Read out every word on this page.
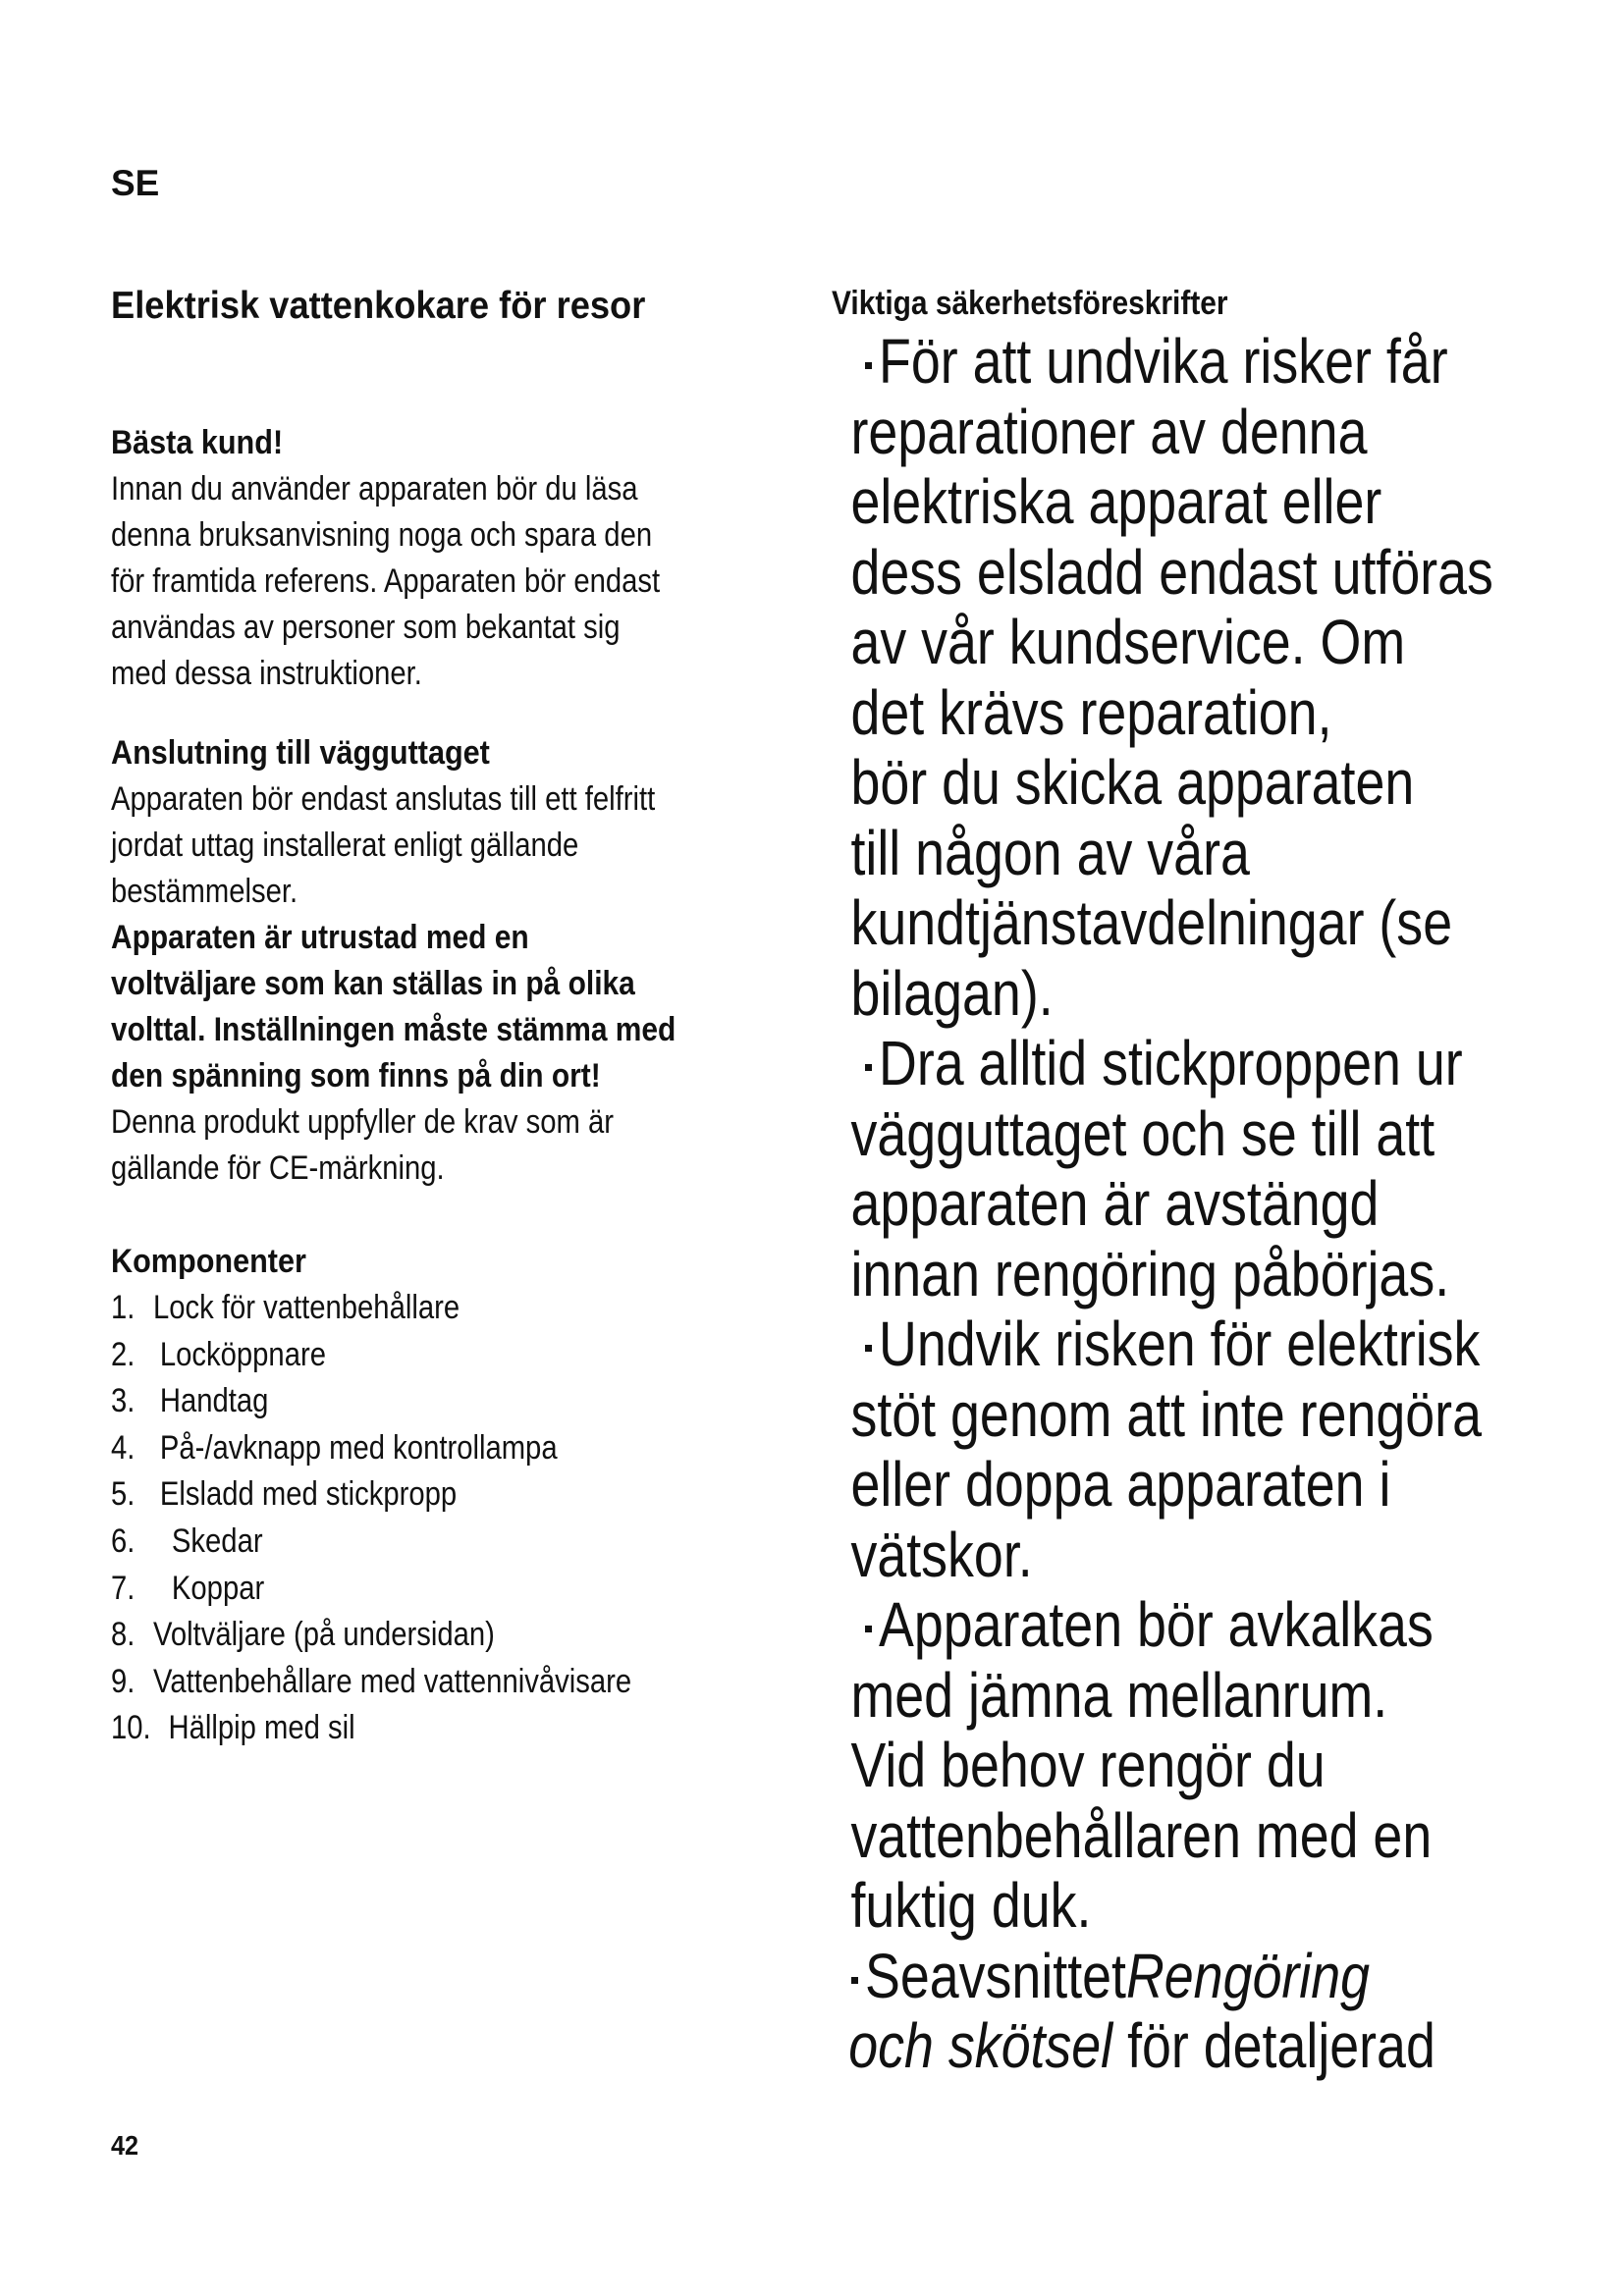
SE
Elektrisk vattenkokare för resor
Bästa kund!
Innan du använder apparaten bör du läsa
denna bruksanvisning noga och spara den
för framtida referens. Apparaten bör endast
användas av personer som bekantat sig
med dessa instruktioner.
Anslutning till vägguttaget
Apparaten bör endast anslutas till ett felfritt
jordat uttag installerat enligt gällande
bestämmelser.
Apparaten är utrustad med en
voltväljare som kan ställas in på olika
volttal. Inställningen måste stämma med
den spänning som finns på din ort!
Denna produkt uppfyller de krav som är
gällande för CE-märkning.
Komponenter
1. Lock för vattenbehållare
2. Locköppnare
3. Handtag
4. På-/avknapp med kontrollampa
5. Elsladd med stickpropp
6. Skedar
7. Koppar
8. Voltväljare (på undersidan)
9. Vattenbehållare med vattennivåvisare
10. Hällpip med sil
Viktiga säkerhetsföreskrifter
För att undvika risker får
reparationer av denna
elektriska apparat eller
dess elsladd endast utföras
av vår kundservice. Om
det krävs reparation,
bör du skicka apparaten
till någon av våra
kundtjänstavdelningar (se
bilagan).
Dra alltid stickproppen ur
vägguttaget och se till att
apparaten är avstängd
innan rengöring påbörjas.
Undvik risken för elektrisk
stöt genom att inte rengöra
eller doppa apparaten i
vätskor.
Apparaten bör avkalkas
med jämna mellanrum.
Vid behov rengör du
vattenbehållaren med en
fuktig duk.
SeavsnittetRengöring
och skötsel för detaljerad
42
